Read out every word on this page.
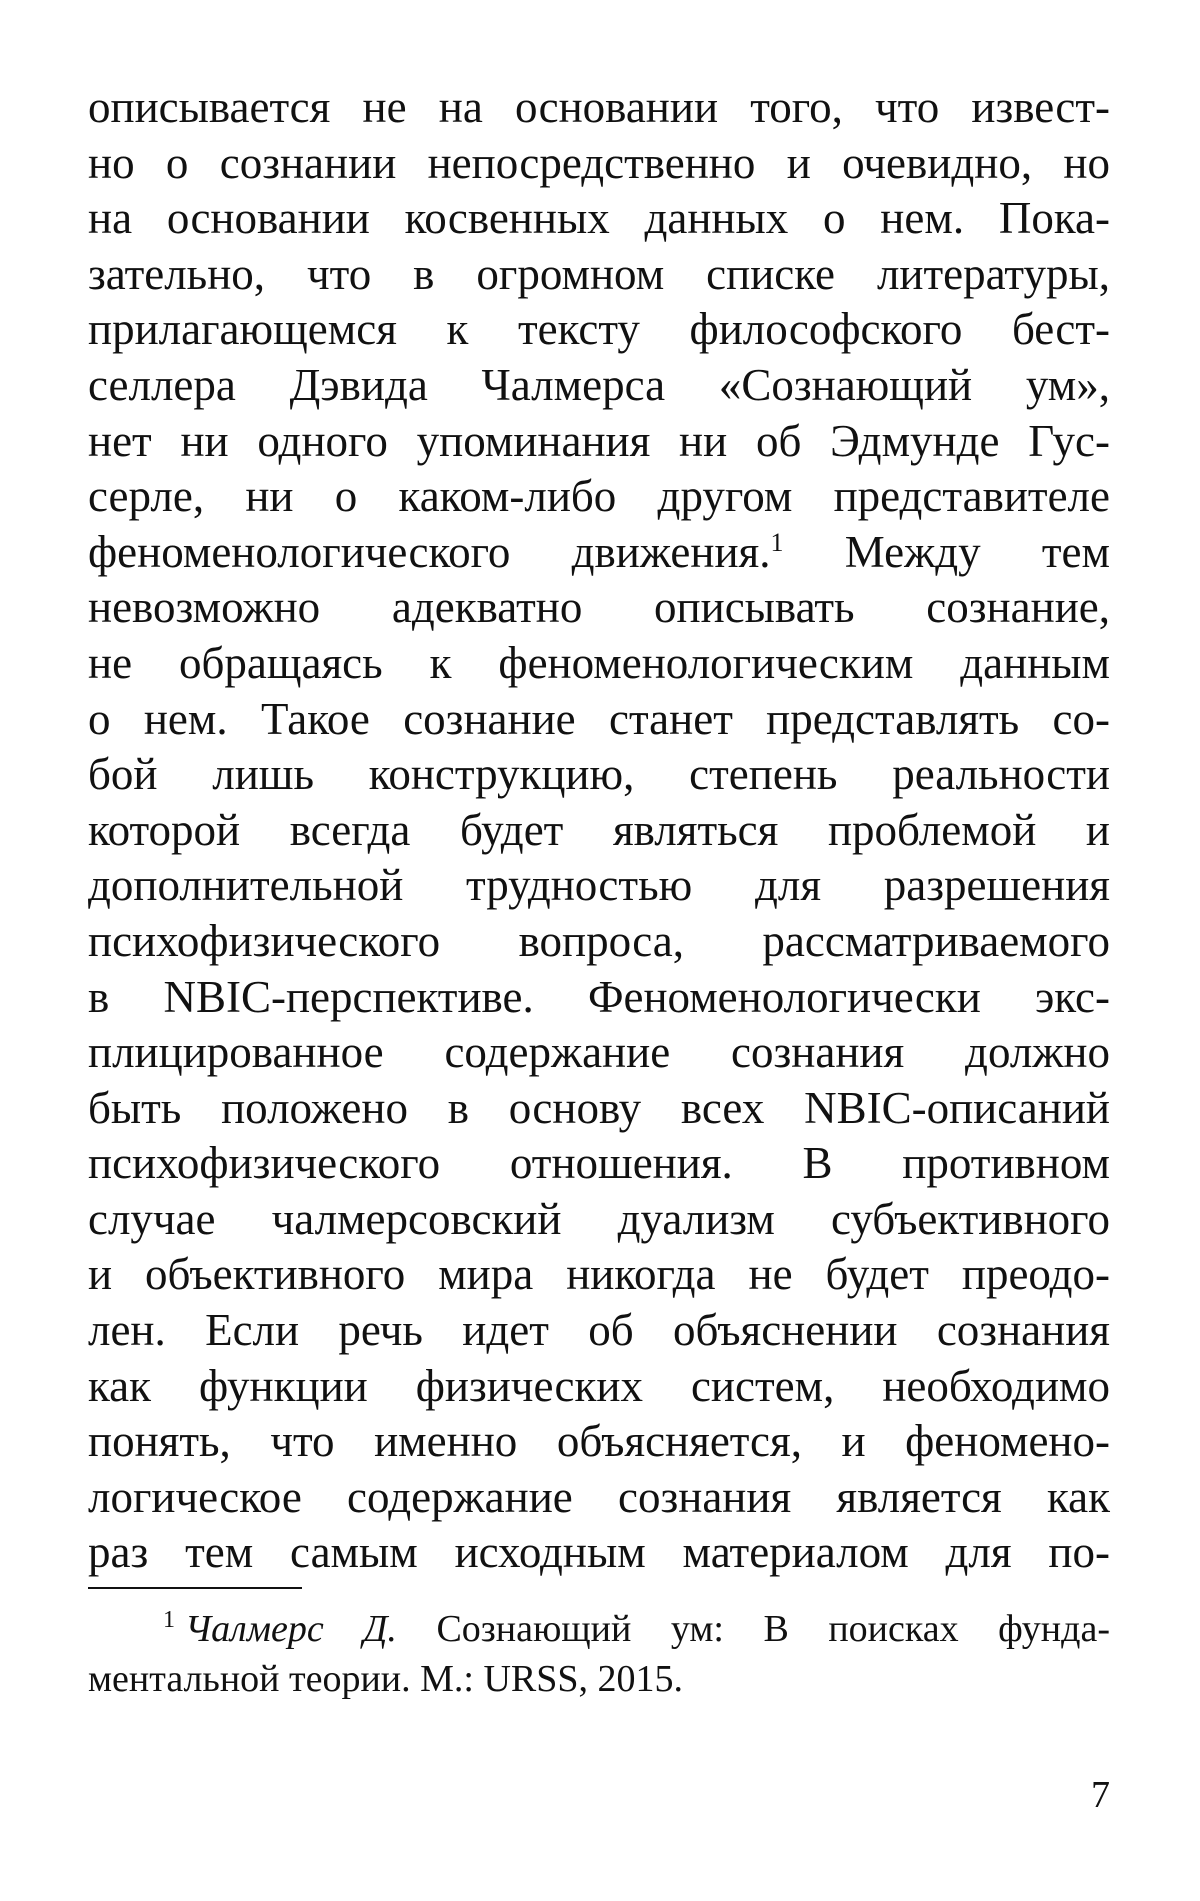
описывается не на основании того, что извест-
но о сознании непосредственно и очевидно, но
на основании косвенных данных о нем. Пока-
зательно, что в огромном списке литературы,
прилагающемся к тексту философского бест-
селлера Дэвида Чалмерса «Сознающий ум»,
нет ни одного упоминания ни об Эдмунде Гус-
серле, ни о каком-либо другом представителе
феноменологического движения.$^1$ Между тем
невозможно адекватно описывать сознание,
не обращаясь к феноменологическим данным
о нем. Такое сознание станет представлять со-
бой лишь конструкцию, степень реальности
которой всегда будет являться проблемой и
дополнительной трудностью для разрешения
психофизического вопроса, рассматриваемого
в NBIC-перспективе. Феноменологически экс-
плицированное содержание сознания должно
быть положено в основу всех NBIC-описаний
психофизического отношения. В противном
случае чалмерсовский дуализм субъективного
и объективного мира никогда не будет преодо-
лен. Если речь идет об объяснении сознания
как функции физических систем, необходимо
понять, что именно объясняется, и феномено-
логическое содержание сознания является как
раз тем самым исходным материалом для по-
$^1$ Чалмерс Д. Сознающий ум: В поисках фунда-
ментальной теории. М.: URSS, 2015.
7
